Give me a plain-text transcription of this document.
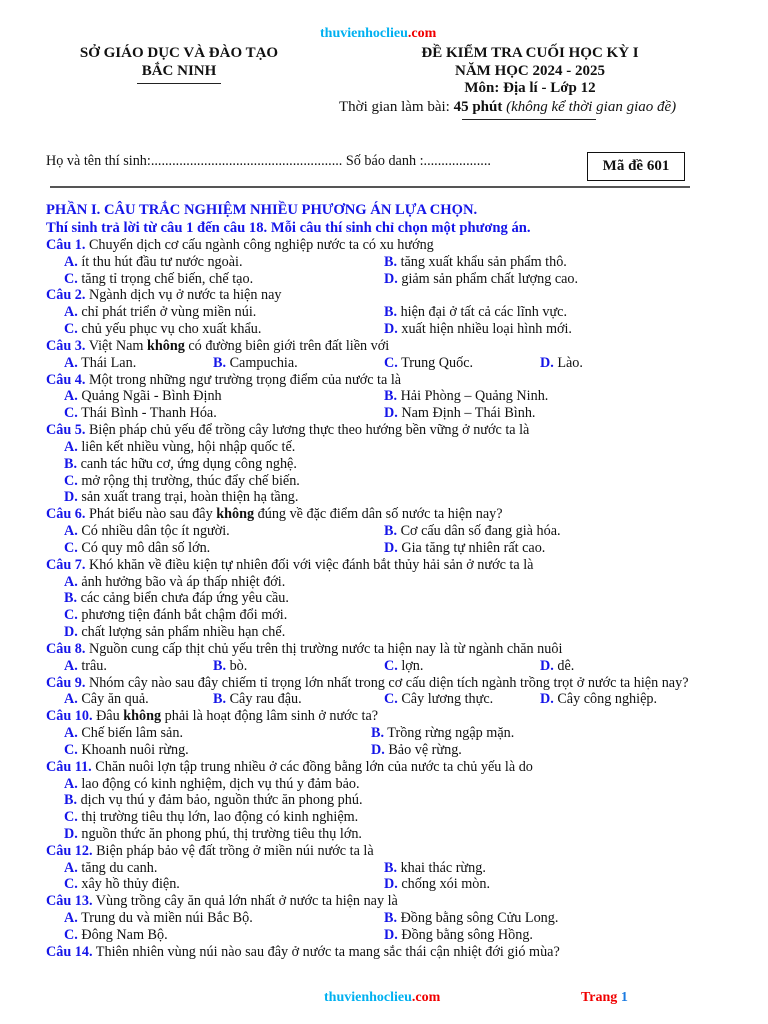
thuvienhoclieu.com
SỞ GIÁO DỤC VÀ ĐÀO TẠO
BẮC NINH
ĐỀ KIỂM TRA CUỐI HỌC KỲ I
NĂM HỌC 2024 - 2025
Môn: Địa lí - Lớp 12
Thời gian làm bài: 45 phút (không kể thời gian giao đề)
Họ và tên thí sinh:...................................................... Số báo danh :...................	Mã đề 601
PHẦN I. CÂU TRẮC NGHIỆM NHIỀU PHƯƠNG ÁN LỰA CHỌN.
Thí sinh trả lời từ câu 1 đến câu 18. Mỗi câu thí sinh chỉ chọn một phương án.
Câu 1. Chuyển dịch cơ cấu ngành công nghiệp nước ta có xu hướng
A. ít thu hút đầu tư nước ngoài.	B. tăng xuất khẩu sản phẩm thô.
C. tăng tỉ trọng chế biến, chế tạo.	D. giảm sản phẩm chất lượng cao.
Câu 2. Ngành dịch vụ ở nước ta hiện nay
A. chỉ phát triển ở vùng miền núi.	B. hiện đại ở tất cả các lĩnh vực.
C. chủ yếu phục vụ cho xuất khẩu.	D. xuất hiện nhiều loại hình mới.
Câu 3. Việt Nam không có đường biên giới trên đất liền với
A. Thái Lan.	B. Campuchia.	C. Trung Quốc.	D. Lào.
Câu 4. Một trong những ngư trường trọng điểm của nước ta là
A. Quảng Ngãi - Bình Định	B. Hải Phòng – Quảng Ninh.
C. Thái Bình - Thanh Hóa.	D. Nam Định – Thái Bình.
Câu 5. Biện pháp chủ yếu để trồng cây lương thực theo hướng bền vững ở nước ta là
A. liên kết nhiều vùng, hội nhập quốc tế.
B. canh tác hữu cơ, ứng dụng công nghệ.
C. mở rộng thị trường, thúc đẩy chế biến.
D. sản xuất trang trại, hoàn thiện hạ tầng.
Câu 6. Phát biểu nào sau đây không đúng về đặc điểm dân số nước ta hiện nay?
A. Có nhiều dân tộc ít người.	B. Cơ cấu dân số đang già hóa.
C. Có quy mô dân số lớn.	D. Gia tăng tự nhiên rất cao.
Câu 7. Khó khăn về điều kiện tự nhiên đối với việc đánh bắt thủy hải sản ở nước ta là
A. ảnh hưởng bão và áp thấp nhiệt đới.
B. các cảng biển chưa đáp ứng yêu cầu.
C. phương tiện đánh bắt chậm đổi mới.
D. chất lượng sản phẩm nhiều hạn chế.
Câu 8. Nguồn cung cấp thịt chủ yếu trên thị trường nước ta hiện nay là từ ngành chăn nuôi
A. trâu.	B. bò.	C. lợn.	D. dê.
Câu 9. Nhóm cây nào sau đây chiếm tỉ trọng lớn nhất trong cơ cấu diện tích ngành trồng trọt ở nước ta hiện nay?
A. Cây ăn quả.	B. Cây rau đậu.	C. Cây lương thực.	D. Cây công nghiệp.
Câu 10. Đâu không phải là hoạt động lâm sinh ở nước ta?
A. Chế biến lâm sản.	B. Trồng rừng ngập mặn.
C. Khoanh nuôi rừng.	D. Bảo vệ rừng.
Câu 11. Chăn nuôi lợn tập trung nhiều ở các đồng bằng lớn của nước ta chủ yếu là do
A. lao động có kinh nghiệm, dịch vụ thú y đảm bảo.
B. dịch vụ thú y đảm bảo, nguồn thức ăn phong phú.
C. thị trường tiêu thụ lớn, lao động có kinh nghiệm.
D. nguồn thức ăn phong phú, thị trường tiêu thụ lớn.
Câu 12. Biện pháp bảo vệ đất trồng ở miền núi nước ta là
A. tăng du canh.	B. khai thác rừng.
C. xây hồ thủy điện.	D. chống xói mòn.
Câu 13. Vùng trồng cây ăn quả lớn nhất ở nước ta hiện nay là
A. Trung du và miền núi Bắc Bộ.	B. Đồng bằng sông Cửu Long.
C. Đông Nam Bộ.	D. Đồng bằng sông Hồng.
Câu 14. Thiên nhiên vùng núi nào sau đây ở nước ta mang sắc thái cận nhiệt đới gió mùa?
thuvienhoclieu.com	Trang 1
